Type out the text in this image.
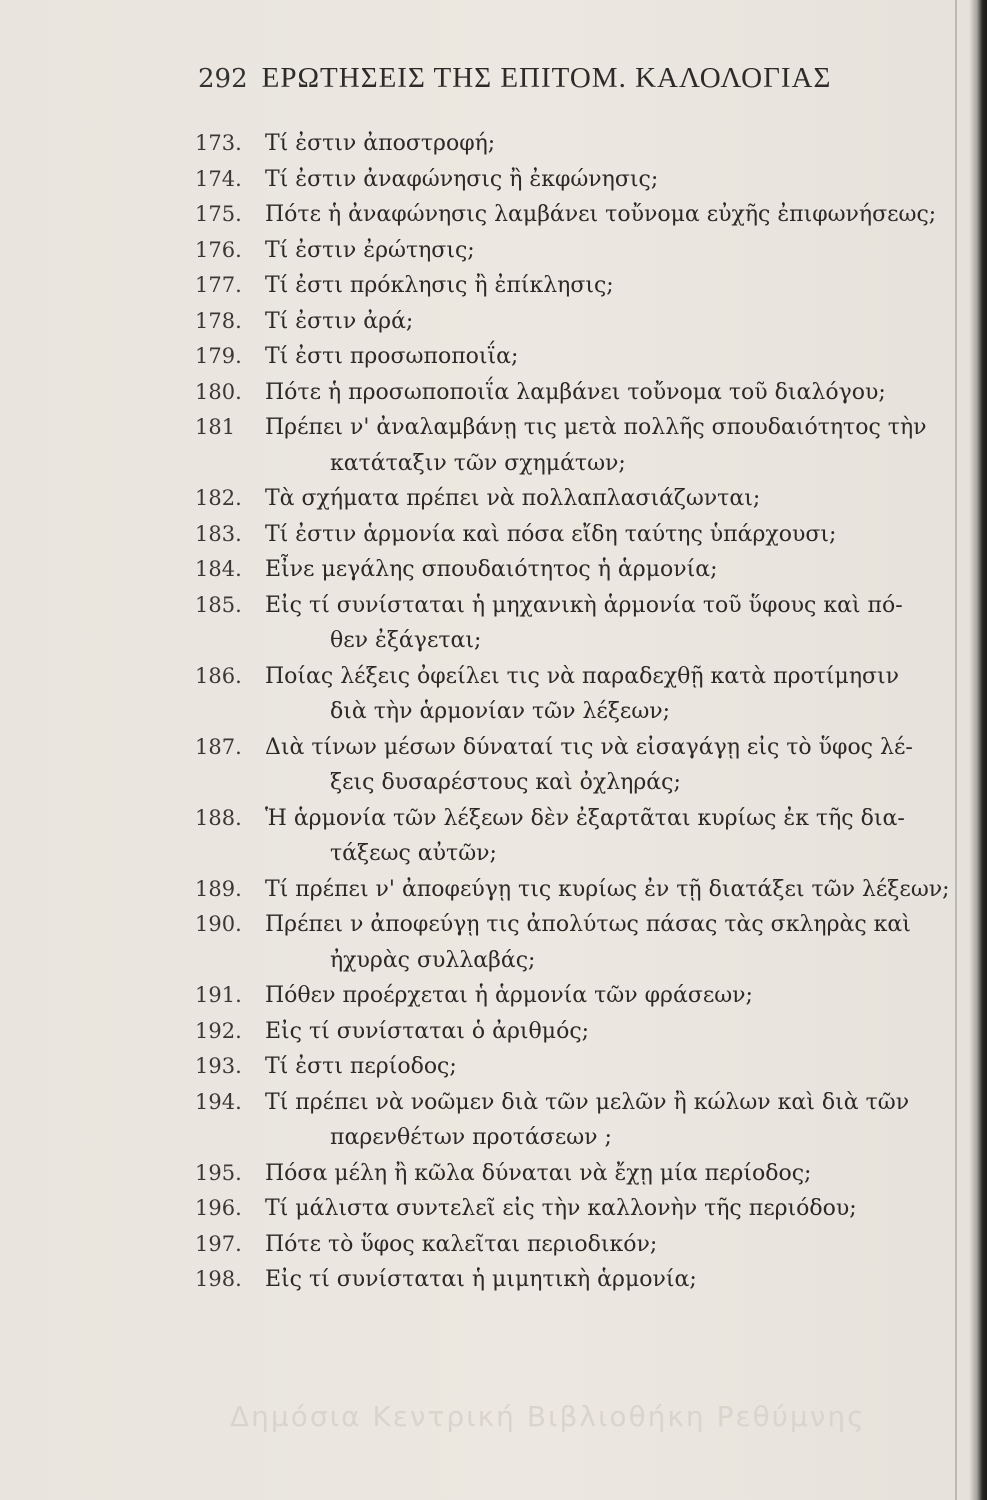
292 ΕΡΩΤΗΣΕΙΣ ΤΗΣ ΕΠΙΤΟΜ. ΚΑΛΟΛΟΓΙΑΣ
173.	Τί ἐστιν ἀποστροφή;
174.	Τί ἐστιν ἀναφώνησις ἢ ἐκφώνησις;
175.	Πότε ἡ ἀναφώνησις λαμβάνει τοὔνομα εὐχῆς ἐπιφωνήσεως;
176.	Τί ἐστιν ἐρώτησις;
177.	Τί ἐστι πρόκλησις ἢ ἐπίκλησις;
178.	Τί ἐστιν ἀρά;
179.	Τί ἐστι προσωποποιΐα;
180.	Πότε ἡ προσωποποιΐα λαμβάνει τοὔνομα τοῦ διαλόγου;
181	Πρέπει ν' ἀναλαμβάνῃ τις μετὰ πολλῆς σπουδαιότητος τὴν
κατάταξιν τῶν σχημάτων;
182.	Τὰ σχήματα πρέπει νὰ πολλαπλασιάζωνται;
183.	Τί ἐστιν ἁρμονία καὶ πόσα εἴδη ταύτης ὑπάρχουσι;
184.	Εἶνε μεγάλης σπουδαιότητος ἡ ἁρμονία;
185.	Εἰς τί συνίσταται ἡ μηχανικὴ ἁρμονία τοῦ ὕφους καὶ πό-
θεν ἐξάγεται;
186.	Ποίας λέξεις ὀφείλει τις νὰ παραδεχθῇ κατὰ προτίμησιν
διὰ τὴν ἁρμονίαν τῶν λέξεων;
187.	Διὰ τίνων μέσων δύναταί τις νὰ εἰσαγάγῃ εἰς τὸ ὕφος λέ-
ξεις δυσαρέστους καὶ ὀχληράς;
188.	Ἡ ἁρμονία τῶν λέξεων δὲν ἐξαρτᾶται κυρίως ἐκ τῆς δια-
τάξεως αὐτῶν;
189.	Τί πρέπει ν' ἀποφεύγῃ τις κυρίως ἐν τῇ διατάξει τῶν λέξεων;
190.	Πρέπει ν ἀποφεύγῃ τις ἀπολύτως πάσας τὰς σκληρὰς καὶ
ἠχυρὰς συλλαβάς;
191.	Πόθεν προέρχεται ἡ ἁρμονία τῶν φράσεων;
192.	Εἰς τί συνίσταται ὁ ἀριθμός;
193.	Τί ἐστι περίοδος;
194.	Τί πρέπει νὰ νοῶμεν διὰ τῶν μελῶν ἢ κώλων καὶ διὰ τῶν
παρενθέτων προτάσεων ;
195.	Πόσα μέλη ἢ κῶλα δύναται νὰ ἔχῃ μία περίοδος;
196.	Τί μάλιστα συντελεῖ εἰς τὴν καλλονὴν τῆς περιόδου;
197.	Πότε τὸ ὕφος καλεῖται περιοδικόν;
198.	Εἰς τί συνίσταται ἡ μιμητικὴ ἁρμονία;
Δημόσια Κεντρική Βιβλιοθήκη Ρεθύμνης
